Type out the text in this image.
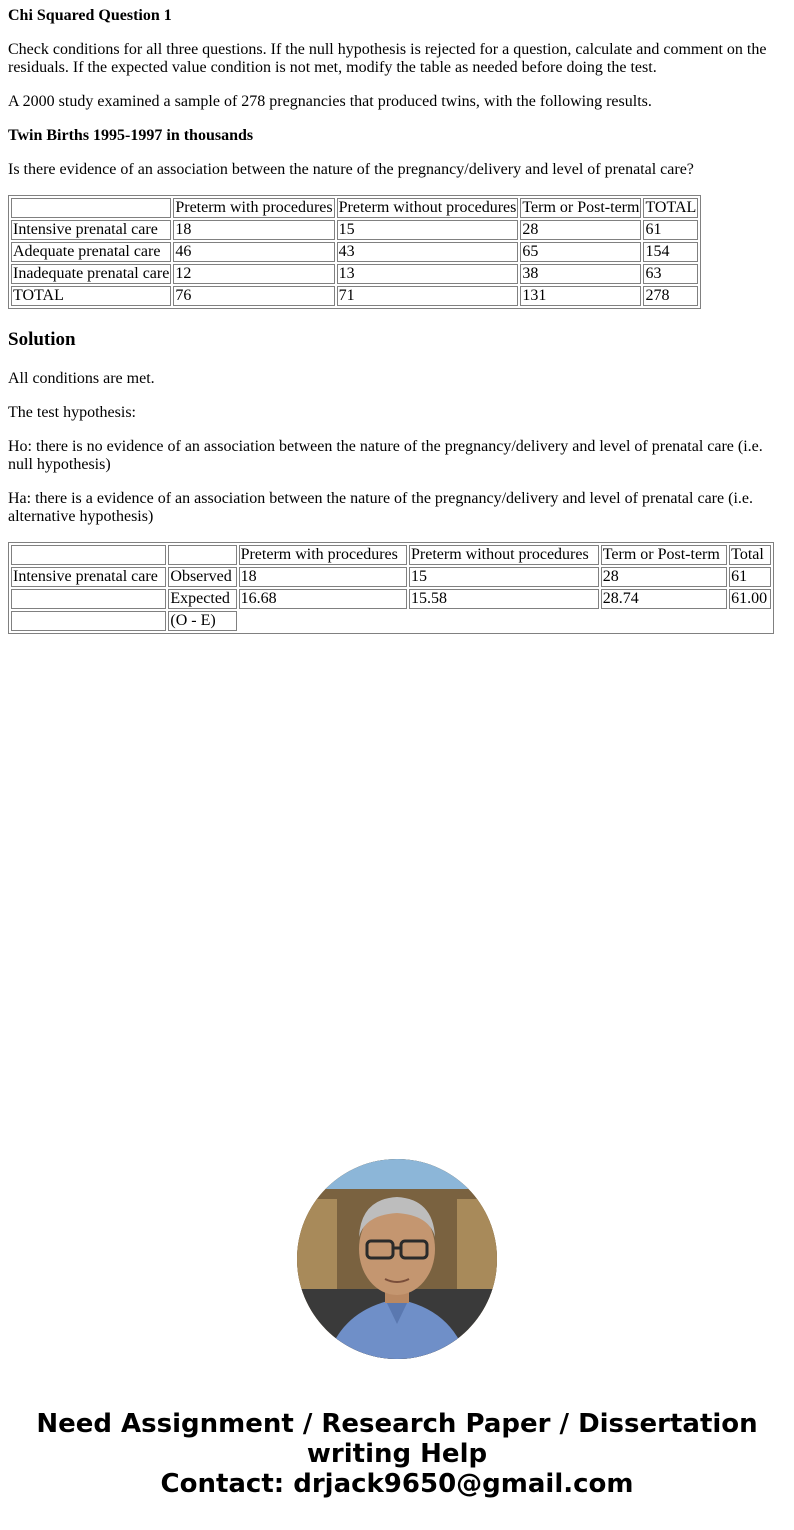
Chi Squared Question 1

Check conditions for all three questions. If the null hypothesis is rejected for a question, calculate and comment on the residuals. If the expected value condition is not met, modify the table as needed before doing the test.

A 2000 study examined a sample of 278 pregnancies that produced twins, with the following results.

Twin Births 1995-1997 in thousands

Is there evidence of an association between the nature of the pregnancy/delivery and level of prenatal care?

	Preterm with procedures	Preterm without procedures	Term or Post-term	TOTAL
Intensive prenatal care	18	15	28	61
Adequate prenatal care	46	43	65	154
Inadequate prenatal care	12	13	38	63
TOTAL	76	71	131	278
Solution

All conditions are met.

The test hypothesis:

Ho: there is no evidence of an association between the nature of the pregnancy/delivery and level of prenatal care (i.e. null hypothesis)

Ha: there is a evidence of an association between the nature of the pregnancy/delivery and level of prenatal care (i.e. alternative hypothesis)

		Preterm with procedures	Preterm without procedures	Term or Post-term	Total
Intensive prenatal care	Observed	18	15	28	61
	Expected	16.68	15.58	28.74	61.00
	(O - E)				
Need Assignment / Research Paper / Dissertation
writing Help
Contact: drjack9650@gmail.com
